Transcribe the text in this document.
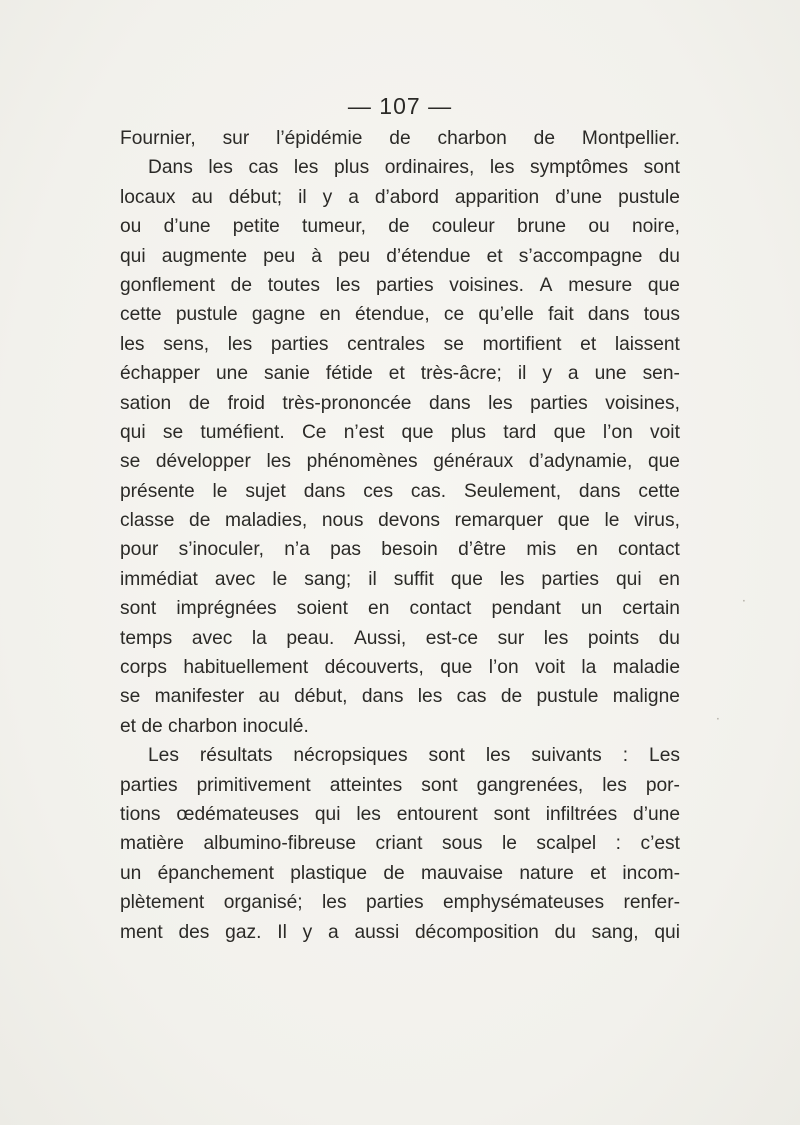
— 107 —
Fournier, sur l’épidémie de charbon de Montpellier.
Dans les cas les plus ordinaires, les symptômes sont
locaux au début; il y a d’abord apparition d’une pustule
ou d’une petite tumeur, de couleur brune ou noire,
qui augmente peu à peu d’étendue et s’accompagne du
gonflement de toutes les parties voisines. A mesure que
cette pustule gagne en étendue, ce qu’elle fait dans tous
les sens, les parties centrales se mortifient et laissent
échapper une sanie fétide et très-âcre; il y a une sen-
sation de froid très-prononcée dans les parties voisines,
qui se tuméfient. Ce n’est que plus tard que l’on voit
se développer les phénomènes généraux d’adynamie, que
présente le sujet dans ces cas. Seulement, dans cette
classe de maladies, nous devons remarquer que le virus,
pour s’inoculer, n’a pas besoin d’être mis en contact
immédiat avec le sang; il suffit que les parties qui en
sont imprégnées soient en contact pendant un certain
temps avec la peau. Aussi, est-ce sur les points du
corps habituellement découverts, que l’on voit la maladie
se manifester au début, dans les cas de pustule maligne
et de charbon inoculé.
Les résultats nécropsiques sont les suivants : Les
parties primitivement atteintes sont gangrenées, les por-
tions œdémateuses qui les entourent sont infiltrées d’une
matière albumino-fibreuse criant sous le scalpel : c’est
un épanchement plastique de mauvaise nature et incom-
plètement organisé; les parties emphysémateuses renfer-
ment des gaz. Il y a aussi décomposition du sang, qui
·
·
